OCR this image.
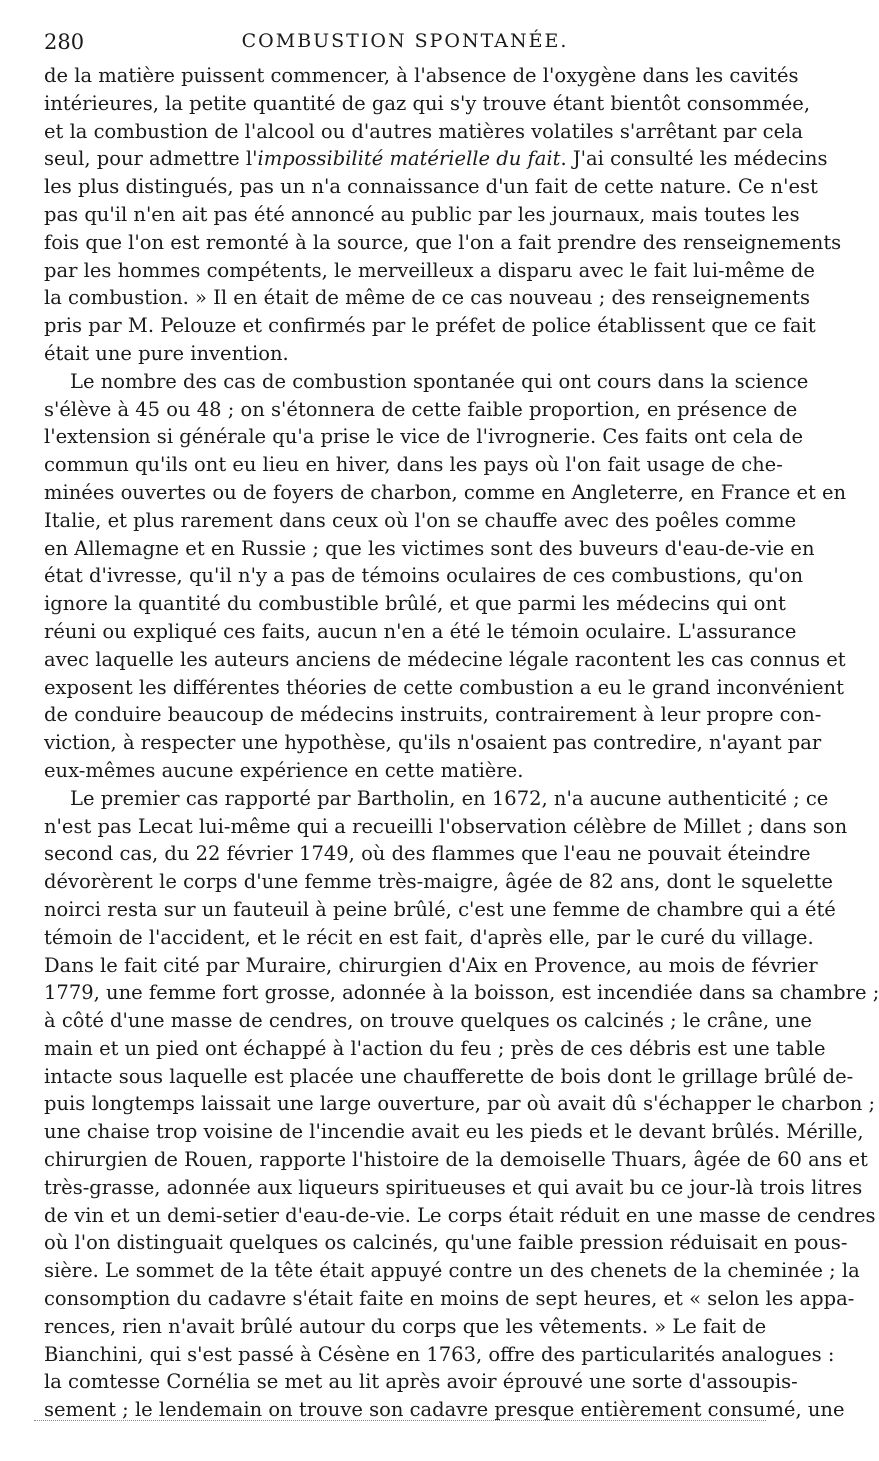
280	COMBUSTION SPONTANÉE.
de la matière puissent commencer, à l'absence de l'oxygène dans les cavités
intérieures, la petite quantité de gaz qui s'y trouve étant bientôt consommée,
et la combustion de l'alcool ou d'autres matières volatiles s'arrêtant par cela
seul, pour admettre l'impossibilité matérielle du fait. J'ai consulté les médecins
les plus distingués, pas un n'a connaissance d'un fait de cette nature. Ce n'est
pas qu'il n'en ait pas été annoncé au public par les journaux, mais toutes les
fois que l'on est remonté à la source, que l'on a fait prendre des renseignements
par les hommes compétents, le merveilleux a disparu avec le fait lui-même de
la combustion. » Il en était de même de ce cas nouveau ; des renseignements
pris par M. Pelouze et confirmés par le préfet de police établissent que ce fait
était une pure invention.
Le nombre des cas de combustion spontanée qui ont cours dans la science
s'élève à 45 ou 48 ; on s'étonnera de cette faible proportion, en présence de
l'extension si générale qu'a prise le vice de l'ivrognerie. Ces faits ont cela de
commun qu'ils ont eu lieu en hiver, dans les pays où l'on fait usage de che-
minées ouvertes ou de foyers de charbon, comme en Angleterre, en France et en
Italie, et plus rarement dans ceux où l'on se chauffe avec des poêles comme
en Allemagne et en Russie ; que les victimes sont des buveurs d'eau-de-vie en
état d'ivresse, qu'il n'y a pas de témoins oculaires de ces combustions, qu'on
ignore la quantité du combustible brûlé, et que parmi les médecins qui ont
réuni ou expliqué ces faits, aucun n'en a été le témoin oculaire. L'assurance
avec laquelle les auteurs anciens de médecine légale racontent les cas connus et
exposent les différentes théories de cette combustion a eu le grand inconvénient
de conduire beaucoup de médecins instruits, contrairement à leur propre con-
viction, à respecter une hypothèse, qu'ils n'osaient pas contredire, n'ayant par
eux-mêmes aucune expérience en cette matière.
Le premier cas rapporté par Bartholin, en 1672, n'a aucune authenticité ; ce
n'est pas Lecat lui-même qui a recueilli l'observation célèbre de Millet ; dans son
second cas, du 22 février 1749, où des flammes que l'eau ne pouvait éteindre
dévorèrent le corps d'une femme très-maigre, âgée de 82 ans, dont le squelette
noirci resta sur un fauteuil à peine brûlé, c'est une femme de chambre qui a été
témoin de l'accident, et le récit en est fait, d'après elle, par le curé du village.
Dans le fait cité par Muraire, chirurgien d'Aix en Provence, au mois de février
1779, une femme fort grosse, adonnée à la boisson, est incendiée dans sa chambre ;
à côté d'une masse de cendres, on trouve quelques os calcinés ; le crâne, une
main et un pied ont échappé à l'action du feu ; près de ces débris est une table
intacte sous laquelle est placée une chaufferette de bois dont le grillage brûlé de-
puis longtemps laissait une large ouverture, par où avait dû s'échapper le charbon ;
une chaise trop voisine de l'incendie avait eu les pieds et le devant brûlés. Mérille,
chirurgien de Rouen, rapporte l'histoire de la demoiselle Thuars, âgée de 60 ans et
très-grasse, adonnée aux liqueurs spiritueuses et qui avait bu ce jour-là trois litres
de vin et un demi-setier d'eau-de-vie. Le corps était réduit en une masse de cendres
où l'on distinguait quelques os calcinés, qu'une faible pression réduisait en pous-
sière. Le sommet de la tête était appuyé contre un des chenets de la cheminée ; la
consomption du cadavre s'était faite en moins de sept heures, et « selon les appa-
rences, rien n'avait brûlé autour du corps que les vêtements. » Le fait de
Bianchini, qui s'est passé à Césène en 1763, offre des particularités analogues :
la comtesse Cornélia se met au lit après avoir éprouvé une sorte d'assoupis-
sement ; le lendemain on trouve son cadavre presque entièrement consumé, une
